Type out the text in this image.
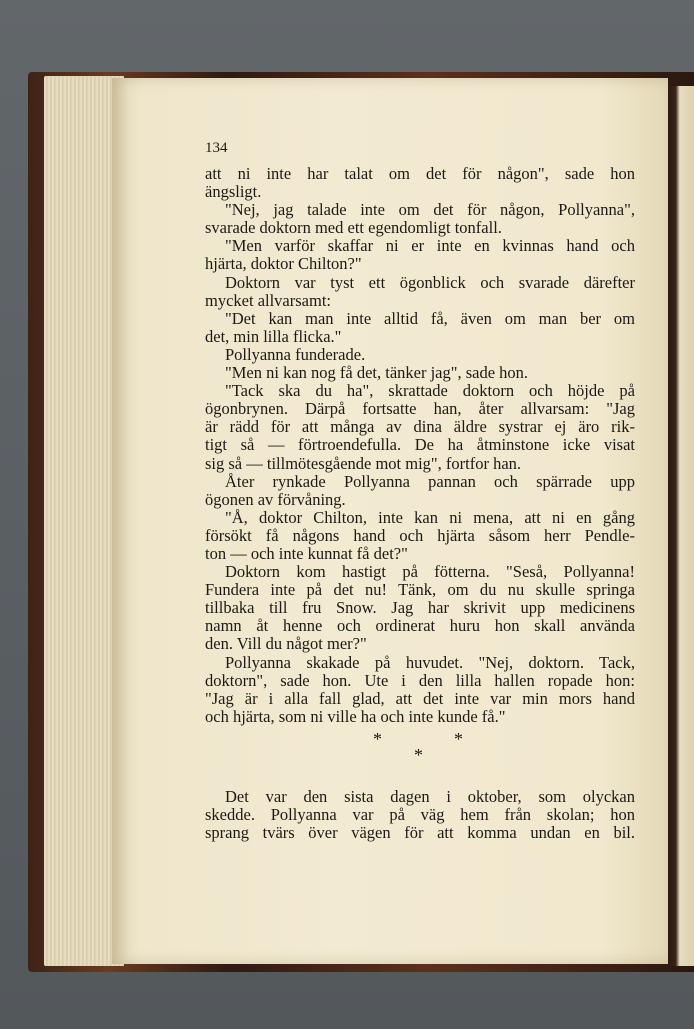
134
att ni inte har talat om det för någon", sade hon
ängsligt.
"Nej, jag talade inte om det för någon, Pollyanna",
svarade doktorn med ett egendomligt tonfall.
"Men varför skaffar ni er inte en kvinnas hand och
hjärta, doktor Chilton?"
Doktorn var tyst ett ögonblick och svarade därefter
mycket allvarsamt:
"Det kan man inte alltid få, även om man ber om
det, min lilla flicka."
Pollyanna funderade.
"Men ni kan nog få det, tänker jag", sade hon.
"Tack ska du ha", skrattade doktorn och höjde på
ögonbrynen. Därpå fortsatte han, åter allvarsam: "Jag
är rädd för att många av dina äldre systrar ej äro rik-
tigt så — förtroendefulla. De ha åtminstone icke visat
sig så — tillmötesgående mot mig", fortfor han.
Åter rynkade Pollyanna pannan och spärrade upp
ögonen av förvåning.
"Å, doktor Chilton, inte kan ni mena, att ni en gång
försökt få någons hand och hjärta såsom herr Pendle-
ton — och inte kunnat få det?"
Doktorn kom hastigt på fötterna. "Seså, Pollyanna!
Fundera inte på det nu! Tänk, om du nu skulle springa
tillbaka till fru Snow. Jag har skrivit upp medicinens
namn åt henne och ordinerat huru hon skall använda
den. Vill du något mer?"
Pollyanna skakade på huvudet. "Nej, doktorn. Tack,
doktorn", sade hon. Ute i den lilla hallen ropade hon:
"Jag är i alla fall glad, att det inte var min mors hand
och hjärta, som ni ville ha och inte kunde få."
*	*
*
Det var den sista dagen i oktober, som olyckan
skedde. Pollyanna var på väg hem från skolan; hon
sprang tvärs över vägen för att komma undan en bil.
